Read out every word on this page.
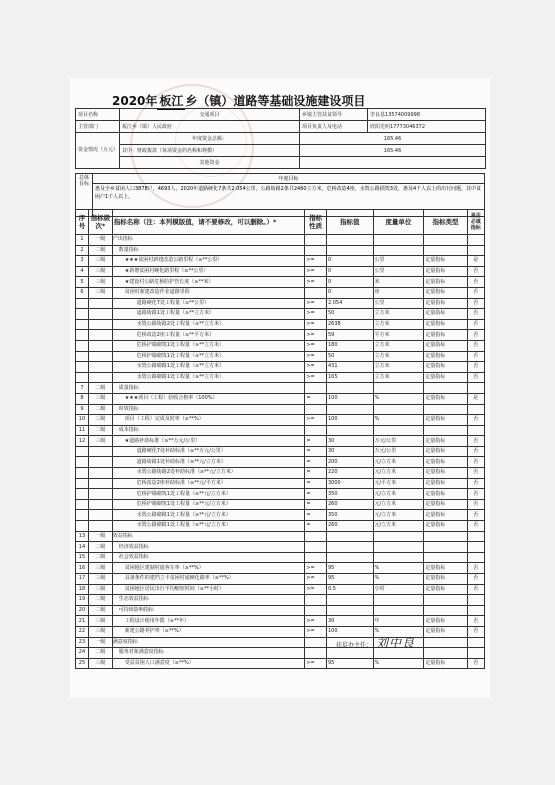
2020年 板江 乡（镇）道路等基础设施建设项目
项目名称	交通项目	乡镇主管扶贫领导	李良基13574009998
主管部门	板江乡（镇）人民政府	项目负责人及电话	欣阳光明17773046372
资金情况（万元）	年度资金总额：	165.46	
	其中：财政拨款（每项资金的名称和规模）	165.46	
	其他资金		
总体目标	年度目标
惠及全乡贫困人口3878户，4693人，2020年道路硬化7条共2.054公里，公路街路2条共2460立方米，危桥改造4座，水毁公路损毁3处，惠及4千人以上的出行问题，其中贫困户1千人以上。
序号	指标级次*	指标名称（注：本列模版值，请不要修改，可以删除。）*	指标性质	指标值	度量单位	指标类型	是否必填指标
1	一级	产出指标					
2	二级	数量指标					
3	三级	★★★贫困村新建改造公路里程（≥**公里）	>=	0	公里	定量指标	是
4	三级	★新增贫困村硬化路里程（≥**公里）	>=	0	公里	定量指标	否
5	三级	★建设村公路危桥防护管长度（≥**米）	>=	0	米	定量指标	否
6	三级	贫困村新建改造作业道路里程		0	座	定量指标	否
		道路硬化7处工程量（≥**公里）	>=	2.054	公里	定量指标	否
		道路街路1处工程量（≥**立方米）	>=	50	立方米	定量指标	否
		水毁公路街路2处工程量（≥**立方米）	>=	2638	立方米	定量指标	否
		危桥改造2座工程量（≥**平方米）	>=	59	平方米	定量指标	否
		危桥护墙砌筑1处工程量（≥**立方米）	>=	180	立方米	定量指标	否
		危桥护墙砌筑1处工程量（≥**立方米）	>=	50	立方米	定量指标	否
		水毁公路砌路1处工程量（≥**立方米）	>=	431	立方米	定量指标	否
		水毁公路砌路1处工程量（≥**立方米）	>=	165	立方米	定量指标	否
7	二级	质量指标					
8	三级	★★★项目（工程）验收合格率（100%）	=	100	%	定量指标	是
9	二级	时效指标					
10	三级	项目（工程）完成及时率（≥**%）	>=	100	%	定量指标	否
11	二级	成本指标					
12	三级	★道路补助标准（≥**万元/公里）	=	30	万元/公里	定量指标	否
		道路硬化7处补助标准（≥**万元/公里）	=	30	万元/公里	定量指标	否
		道路街路1处补助标准（≥**元/立方米）	=	200	元/立方米	定量指标	否
		水毁公路街路2处补助标准（≥**元/立方米）	=	220	元/立方米	定量指标	否
		危桥改造2座补助标准（≥**元/平方米）	=	3000	元/平方米	定量指标	否
		危桥护墙砌筑1处工程量（≥**元/立方米）	=	350	元/立方米	定量指标	否
		危桥护墙砌筑1处工程量（≥**元/立方米）	=	260	元/立方米	定量指标	否
		水毁公路砌路1处工程量（≥**元/立方米）	=	350	元/立方米	定量指标	否
		水毁公路砌路1处工程量（≥**元/立方米）	=	260	元/立方米	定量指标	否
13	一级	效益指标					
14	二级	经济效益指标					
15	二级	社会效益指标					
16	三级	贫困地区建制村通客车率（≥**%）	>=	95	%	定量指标	否
17	三级	具备条件的建档立卡贫困村通硬化路率（≥**%）	>=	95	%	定量指标	否
18	三级	贫困地区居民出行平均缩短时间（≥**小时）	>=	0.5	小时	定量指标	否
19	二级	生态效益指标					
20	二级	可持续影响指标					
21	三级	工程设计使用年限（≥**年）	>=	30	年	定量指标	否
22	三级	新建公路养护率（≥**%）	>=	100	%	定量指标	否
23	一级	满意度指标					
24	二级	服务对象满意度指标					
25	三级	受益贫困人口满意度（≥**%）	>=	95	%	定量指标	否
扶贫办主任： 刘中良
